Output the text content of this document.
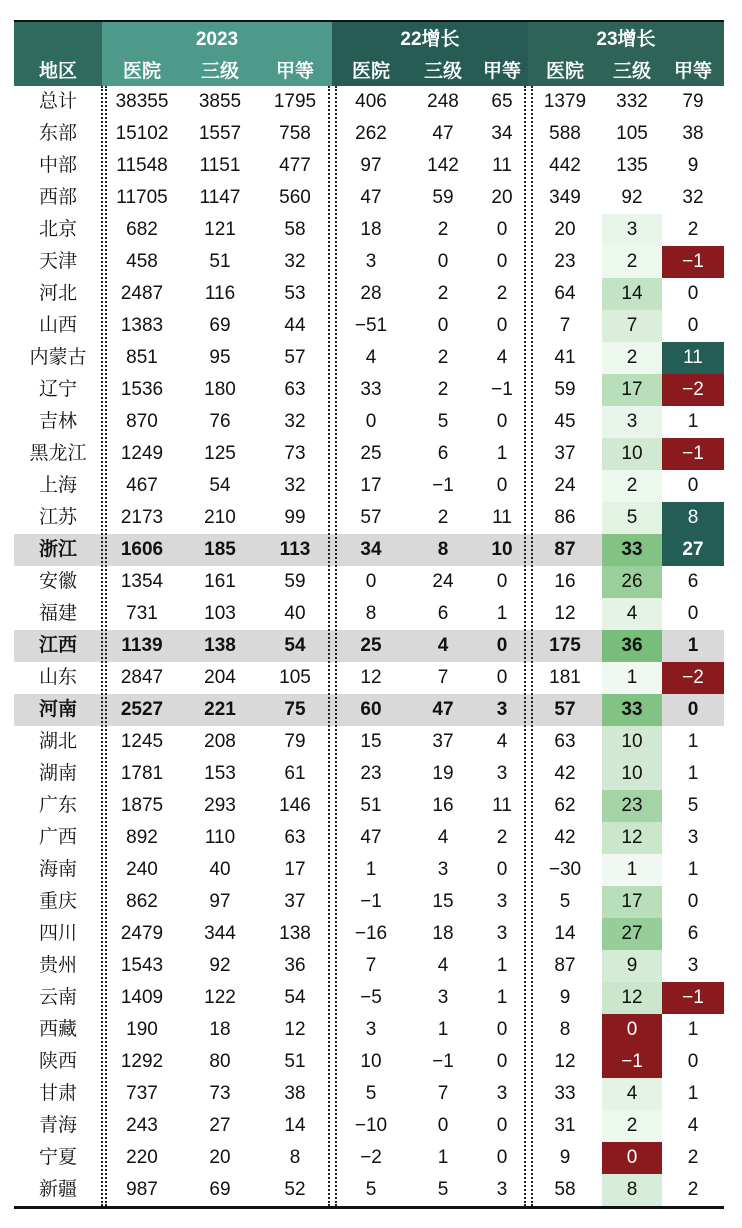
2023	22增长	23增长
地区	医院	三级	甲等	医院	三级	甲等	医院	三级	甲等
总计	38355	3855	1795	406	248	65	1379	332	79
东部	15102	1557	758	262	47	34	588	105	38
中部	11548	1151	477	97	142	11	442	135	9
西部	11705	1147	560	47	59	20	349	92	32
北京	682	121	58	18	2	0	20	3	2
天津	458	51	32	3	0	0	23	2	−1
河北	2487	116	53	28	2	2	64	14	0
山西	1383	69	44	−51	0	0	7	7	0
内蒙古	851	95	57	4	2	4	41	2	11
辽宁	1536	180	63	33	2	−1	59	17	−2
吉林	870	76	32	0	5	0	45	3	1
黑龙江	1249	125	73	25	6	1	37	10	−1
上海	467	54	32	17	−1	0	24	2	0
江苏	2173	210	99	57	2	11	86	5	8
浙江	1606	185	113	34	8	10	87	33	27
安徽	1354	161	59	0	24	0	16	26	6
福建	731	103	40	8	6	1	12	4	0
江西	1139	138	54	25	4	0	175	36	1
山东	2847	204	105	12	7	0	181	1	−2
河南	2527	221	75	60	47	3	57	33	0
湖北	1245	208	79	15	37	4	63	10	1
湖南	1781	153	61	23	19	3	42	10	1
广东	1875	293	146	51	16	11	62	23	5
广西	892	110	63	47	4	2	42	12	3
海南	240	40	17	1	3	0	−30	1	1
重庆	862	97	37	−1	15	3	5	17	0
四川	2479	344	138	−16	18	3	14	27	6
贵州	1543	92	36	7	4	1	87	9	3
云南	1409	122	54	−5	3	1	9	12	−1
西藏	190	18	12	3	1	0	8	0	1
陕西	1292	80	51	10	−1	0	12	−1	0
甘肃	737	73	38	5	7	3	33	4	1
青海	243	27	14	−10	0	0	31	2	4
宁夏	220	20	8	−2	1	0	9	0	2
新疆	987	69	52	5	5	3	58	8	2
